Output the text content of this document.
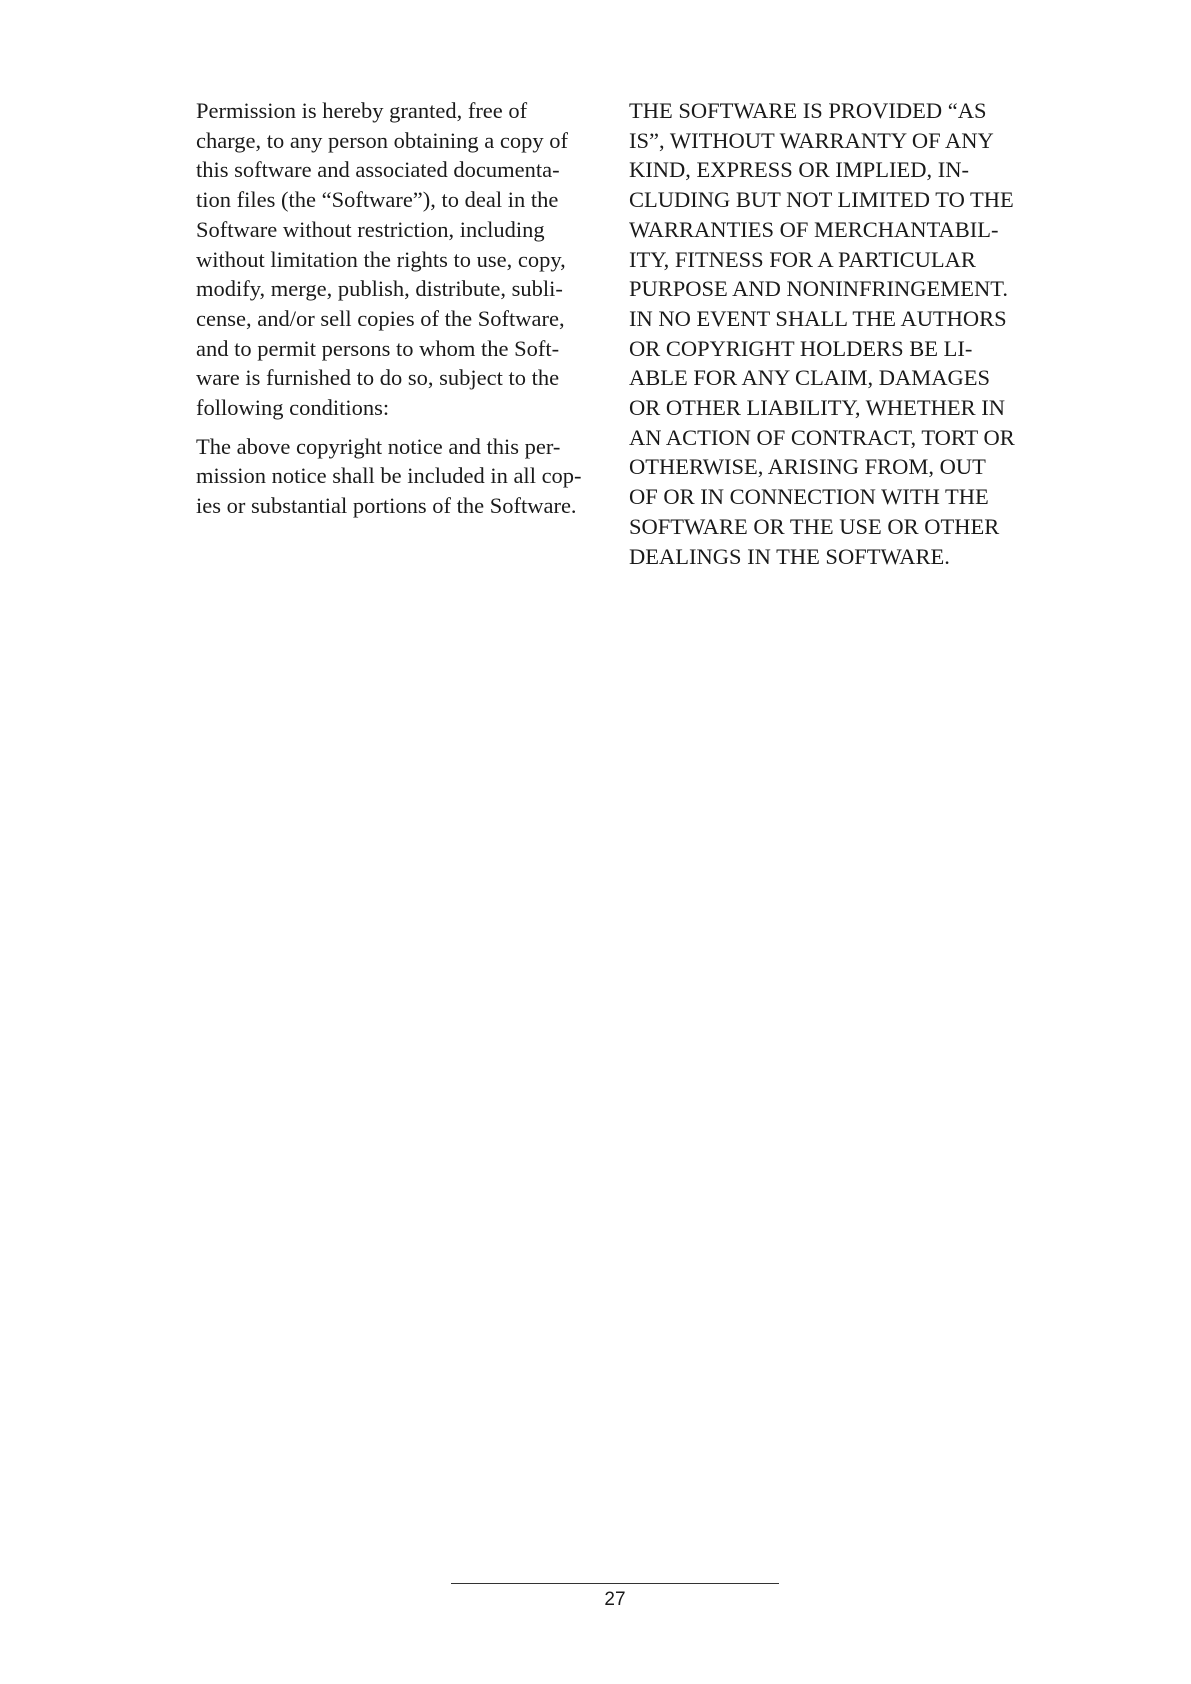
Permission is hereby granted, free of
charge, to any person obtaining a copy of
this software and associated documenta-
tion files (the “Software”), to deal in the
Software without restriction, including
without limitation the rights to use, copy,
modify, merge, publish, distribute, subli-
cense, and/or sell copies of the Software,
and to permit persons to whom the Soft-
ware is furnished to do so, subject to the
following conditions:

The above copyright notice and this per-
mission notice shall be included in all cop-
ies or substantial portions of the Software.

THE SOFTWARE IS PROVIDED “AS
IS”, WITHOUT WARRANTY OF ANY
KIND, EXPRESS OR IMPLIED, IN-
CLUDING BUT NOT LIMITED TO THE
WARRANTIES OF MERCHANTABIL-
ITY, FITNESS FOR A PARTICULAR
PURPOSE AND NONINFRINGEMENT.
IN NO EVENT SHALL THE AUTHORS
OR COPYRIGHT HOLDERS BE LI-
ABLE FOR ANY CLAIM, DAMAGES
OR OTHER LIABILITY, WHETHER IN
AN ACTION OF CONTRACT, TORT OR
OTHERWISE, ARISING FROM, OUT
OF OR IN CONNECTION WITH THE
SOFTWARE OR THE USE OR OTHER
DEALINGS IN THE SOFTWARE.

27
